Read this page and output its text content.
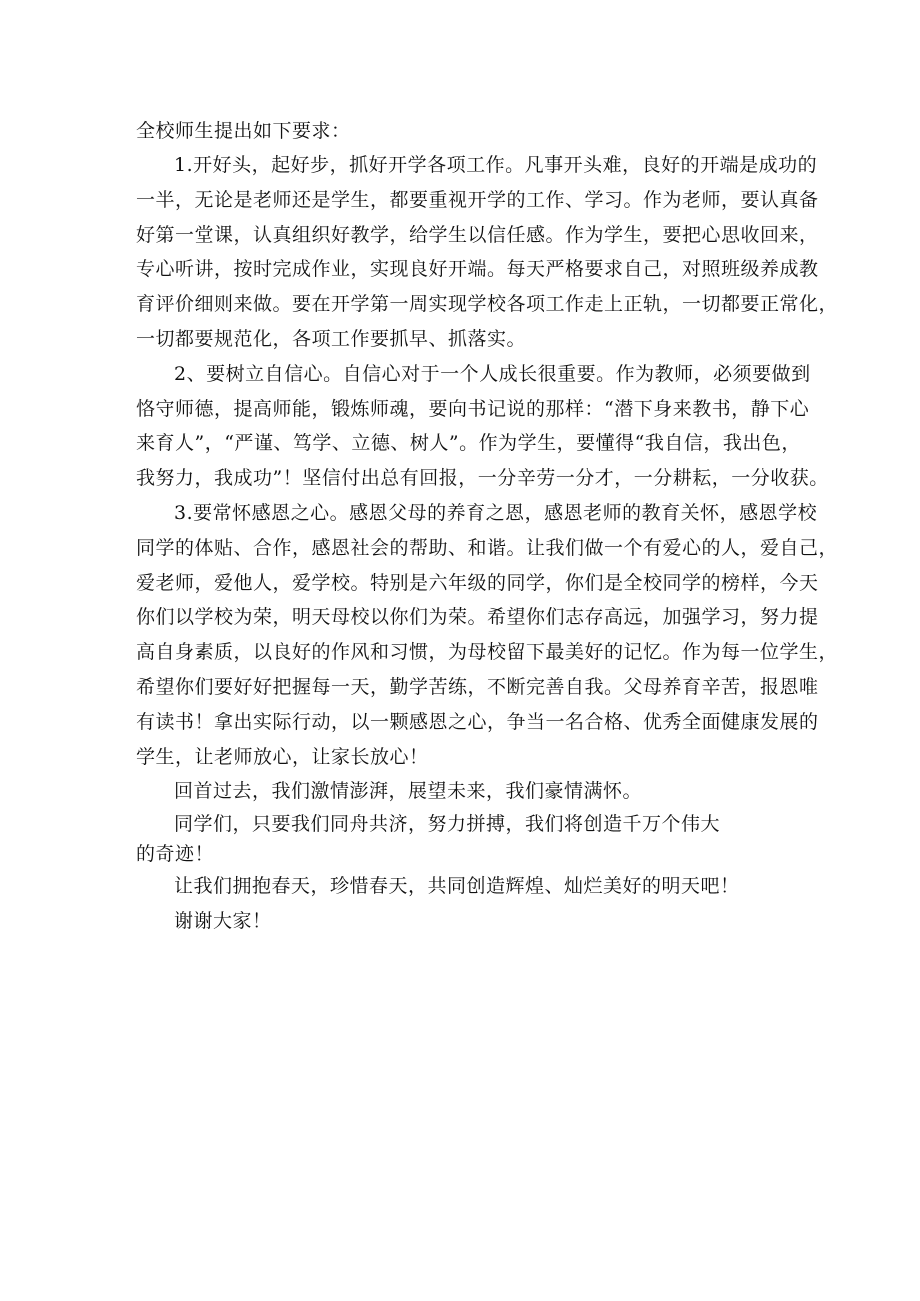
全校师生提出如下要求：
1.开好头，起好步，抓好开学各项工作。凡事开头难，良好的开端是成功的
一半，无论是老师还是学生，都要重视开学的工作、学习。作为老师，要认真备
好第一堂课，认真组织好教学，给学生以信任感。作为学生，要把心思收回来，
专心听讲，按时完成作业，实现良好开端。每天严格要求自己，对照班级养成教
育评价细则来做。要在开学第一周实现学校各项工作走上正轨，一切都要正常化，
一切都要规范化，各项工作要抓早、抓落实。
2、要树立自信心。自信心对于一个人成长很重要。作为教师，必须要做到
恪守师德，提高师能，锻炼师魂，要向书记说的那样：“潜下身来教书，静下心
来育人”，“严谨、笃学、立德、树人”。作为学生，要懂得“我自信，我出色，
我努力，我成功”！坚信付出总有回报，一分辛劳一分才，一分耕耘，一分收获。
3.要常怀感恩之心。感恩父母的养育之恩，感恩老师的教育关怀，感恩学校
同学的体贴、合作，感恩社会的帮助、和谐。让我们做一个有爱心的人，爱自己，
爱老师，爱他人，爱学校。特别是六年级的同学，你们是全校同学的榜样，今天
你们以学校为荣，明天母校以你们为荣。希望你们志存高远，加强学习，努力提
高自身素质，以良好的作风和习惯，为母校留下最美好的记忆。作为每一位学生，
希望你们要好好把握每一天，勤学苦练，不断完善自我。父母养育辛苦，报恩唯
有读书！拿出实际行动，以一颗感恩之心，争当一名合格、优秀全面健康发展的
学生，让老师放心，让家长放心！
回首过去，我们激情澎湃，展望未来，我们豪情满怀。
同学们，只要我们同舟共济，努力拼搏，我们将创造千万个伟大
的奇迹！
让我们拥抱春天，珍惜春天，共同创造辉煌、灿烂美好的明天吧！
谢谢大家！
